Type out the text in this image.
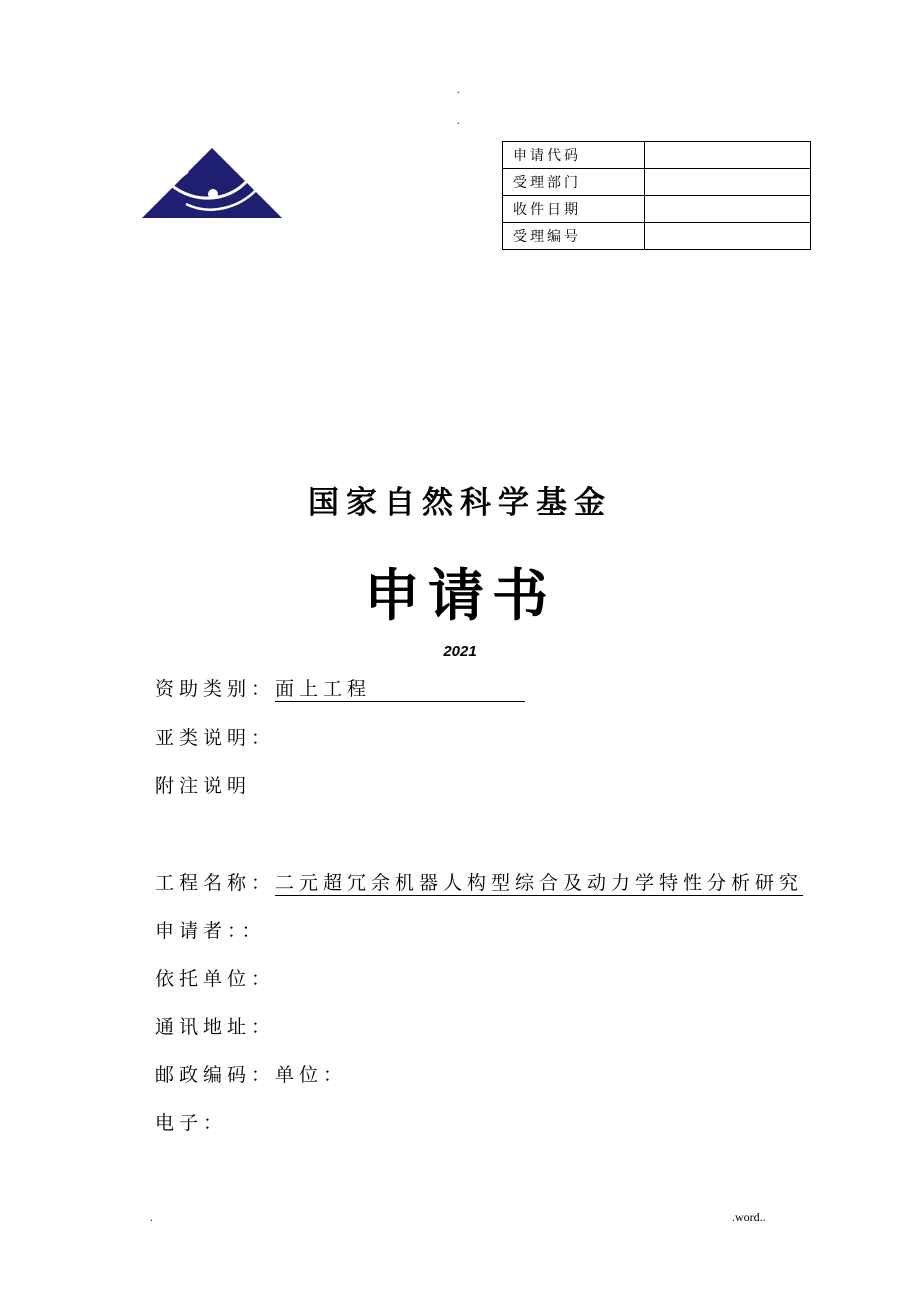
.
.
申请代码	
受理部门	
收件日期	
受理编号	
国家自然科学基金
申请书
2021
资助类别：面上工程
亚类说明：
附注说明
工程名称：二元超冗余机器人构型综合及动力学特性分析研究
申请者：：
依托单位：
通讯地址：
邮政编码：单位：
电子：
.	.word..
